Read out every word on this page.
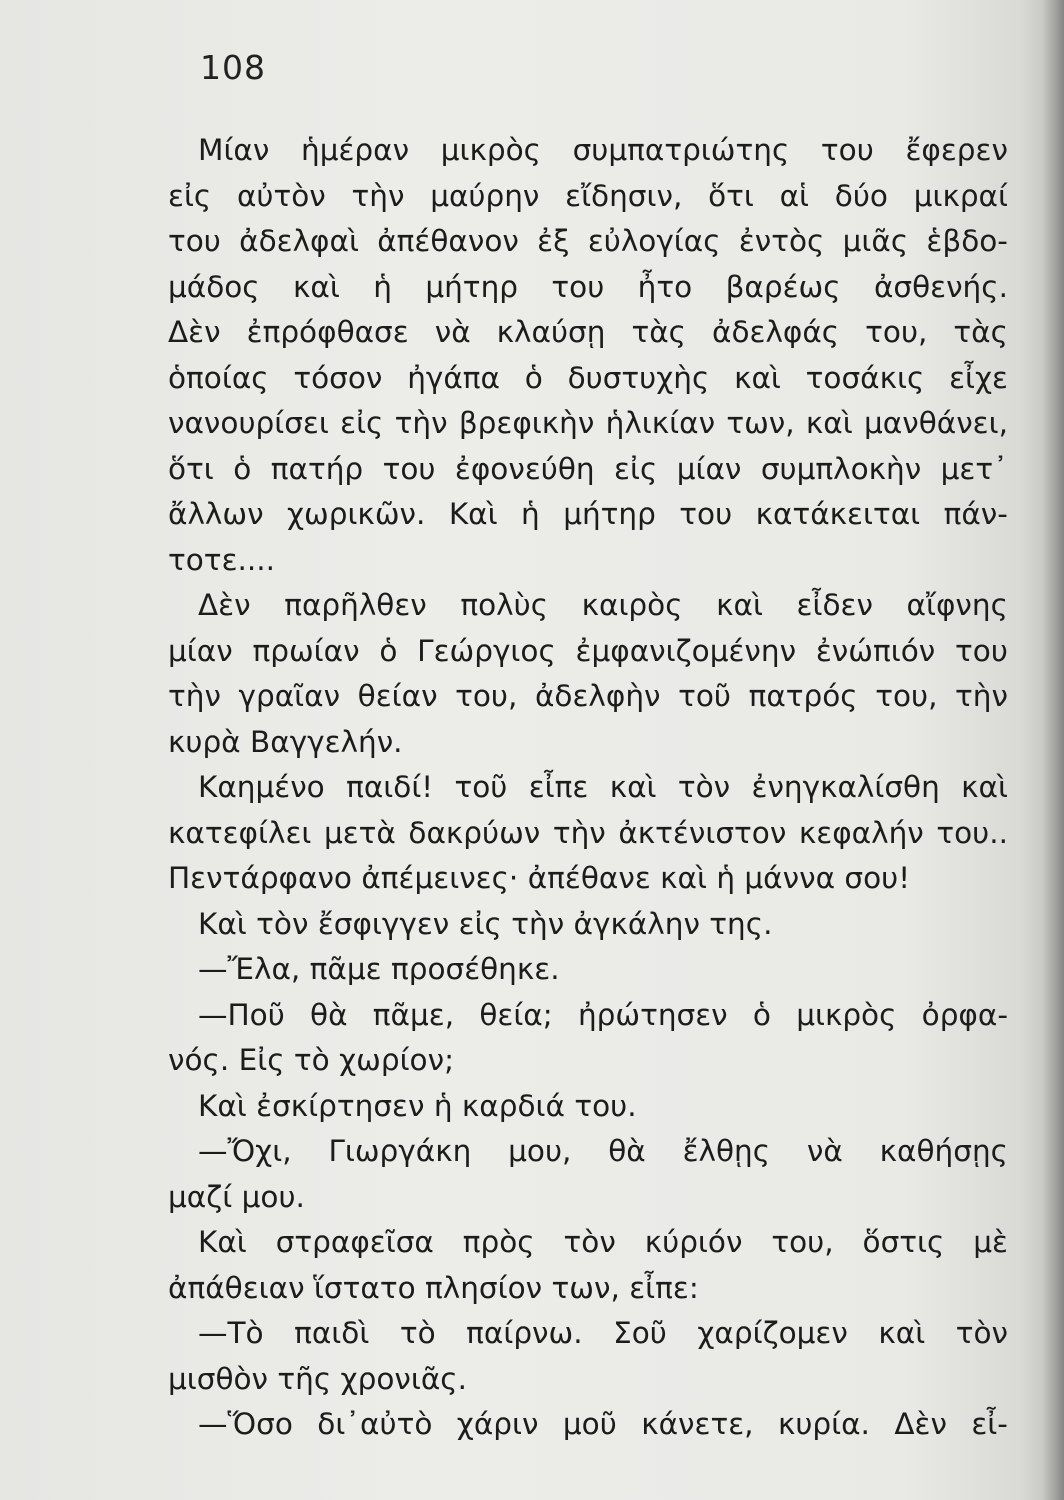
108
Μίαν ἡμέραν μικρὸς συμπατριώτης του ἔφερεν
εἰς αὐτὸν τὴν μαύρην εἴδησιν, ὅτι αἱ δύο μικραί
του ἀδελφαὶ ἀπέθανον ἐξ εὐλογίας ἐντὸς μιᾶς ἑβδο-
μάδος καὶ ἡ μήτηρ του ἦτο βαρέως ἀσθενής.
Δὲν ἐπρόφθασε νὰ κλαύσῃ τὰς ἀδελφάς του, τὰς
ὁποίας τόσον ἠγάπα ὁ δυστυχὴς καὶ τοσάκις εἶχε
νανουρίσει εἰς τὴν βρεφικὴν ἡλικίαν των, καὶ μανθάνει,
ὅτι ὁ πατήρ του ἐφονεύθη εἰς μίαν συμπλοκὴν μετ᾽
ἄλλων χωρικῶν. Καὶ ἡ μήτηρ του κατάκειται πάν-
τοτε....
Δὲν παρῆλθεν πολὺς καιρὸς καὶ εἶδεν αἴφνης
μίαν πρωίαν ὁ Γεώργιος ἐμφανιζομένην ἐνώπιόν του
τὴν γραῖαν θείαν του, ἀδελφὴν τοῦ πατρός του, τὴν
κυρὰ Βαγγελήν.
Καημένο παιδί! τοῦ εἶπε καὶ τὸν ἐνηγκαλίσθη καὶ
κατεφίλει μετὰ δακρύων τὴν ἀκτένιστον κεφαλήν του..
Πεντάρφανο ἀπέμεινες· ἀπέθανε καὶ ἡ μάννα σου!
Καὶ τὸν ἔσφιγγεν εἰς τὴν ἀγκάλην της.
—Ἔλα, πᾶμε προσέθηκε.
—Ποῦ θὰ πᾶμε, θεία; ἠρώτησεν ὁ μικρὸς ὀρφα-
νός. Εἰς τὸ χωρίον;
Καὶ ἐσκίρτησεν ἡ καρδιά του.
—Ὄχι, Γιωργάκη μου, θὰ ἔλθῃς νὰ καθήσῃς
μαζί μου.
Καὶ στραφεῖσα πρὸς τὸν κύριόν του, ὅστις μὲ
ἀπάθειαν ἵστατο πλησίον των, εἶπε:
—Τὸ παιδὶ τὸ παίρνω. Σοῦ χαρίζομεν καὶ τὸν
μισθὸν τῆς χρονιᾶς.
—Ὅσο δι᾽αὐτὸ χάριν μοῦ κάνετε, κυρία. Δὲν εἶ-
